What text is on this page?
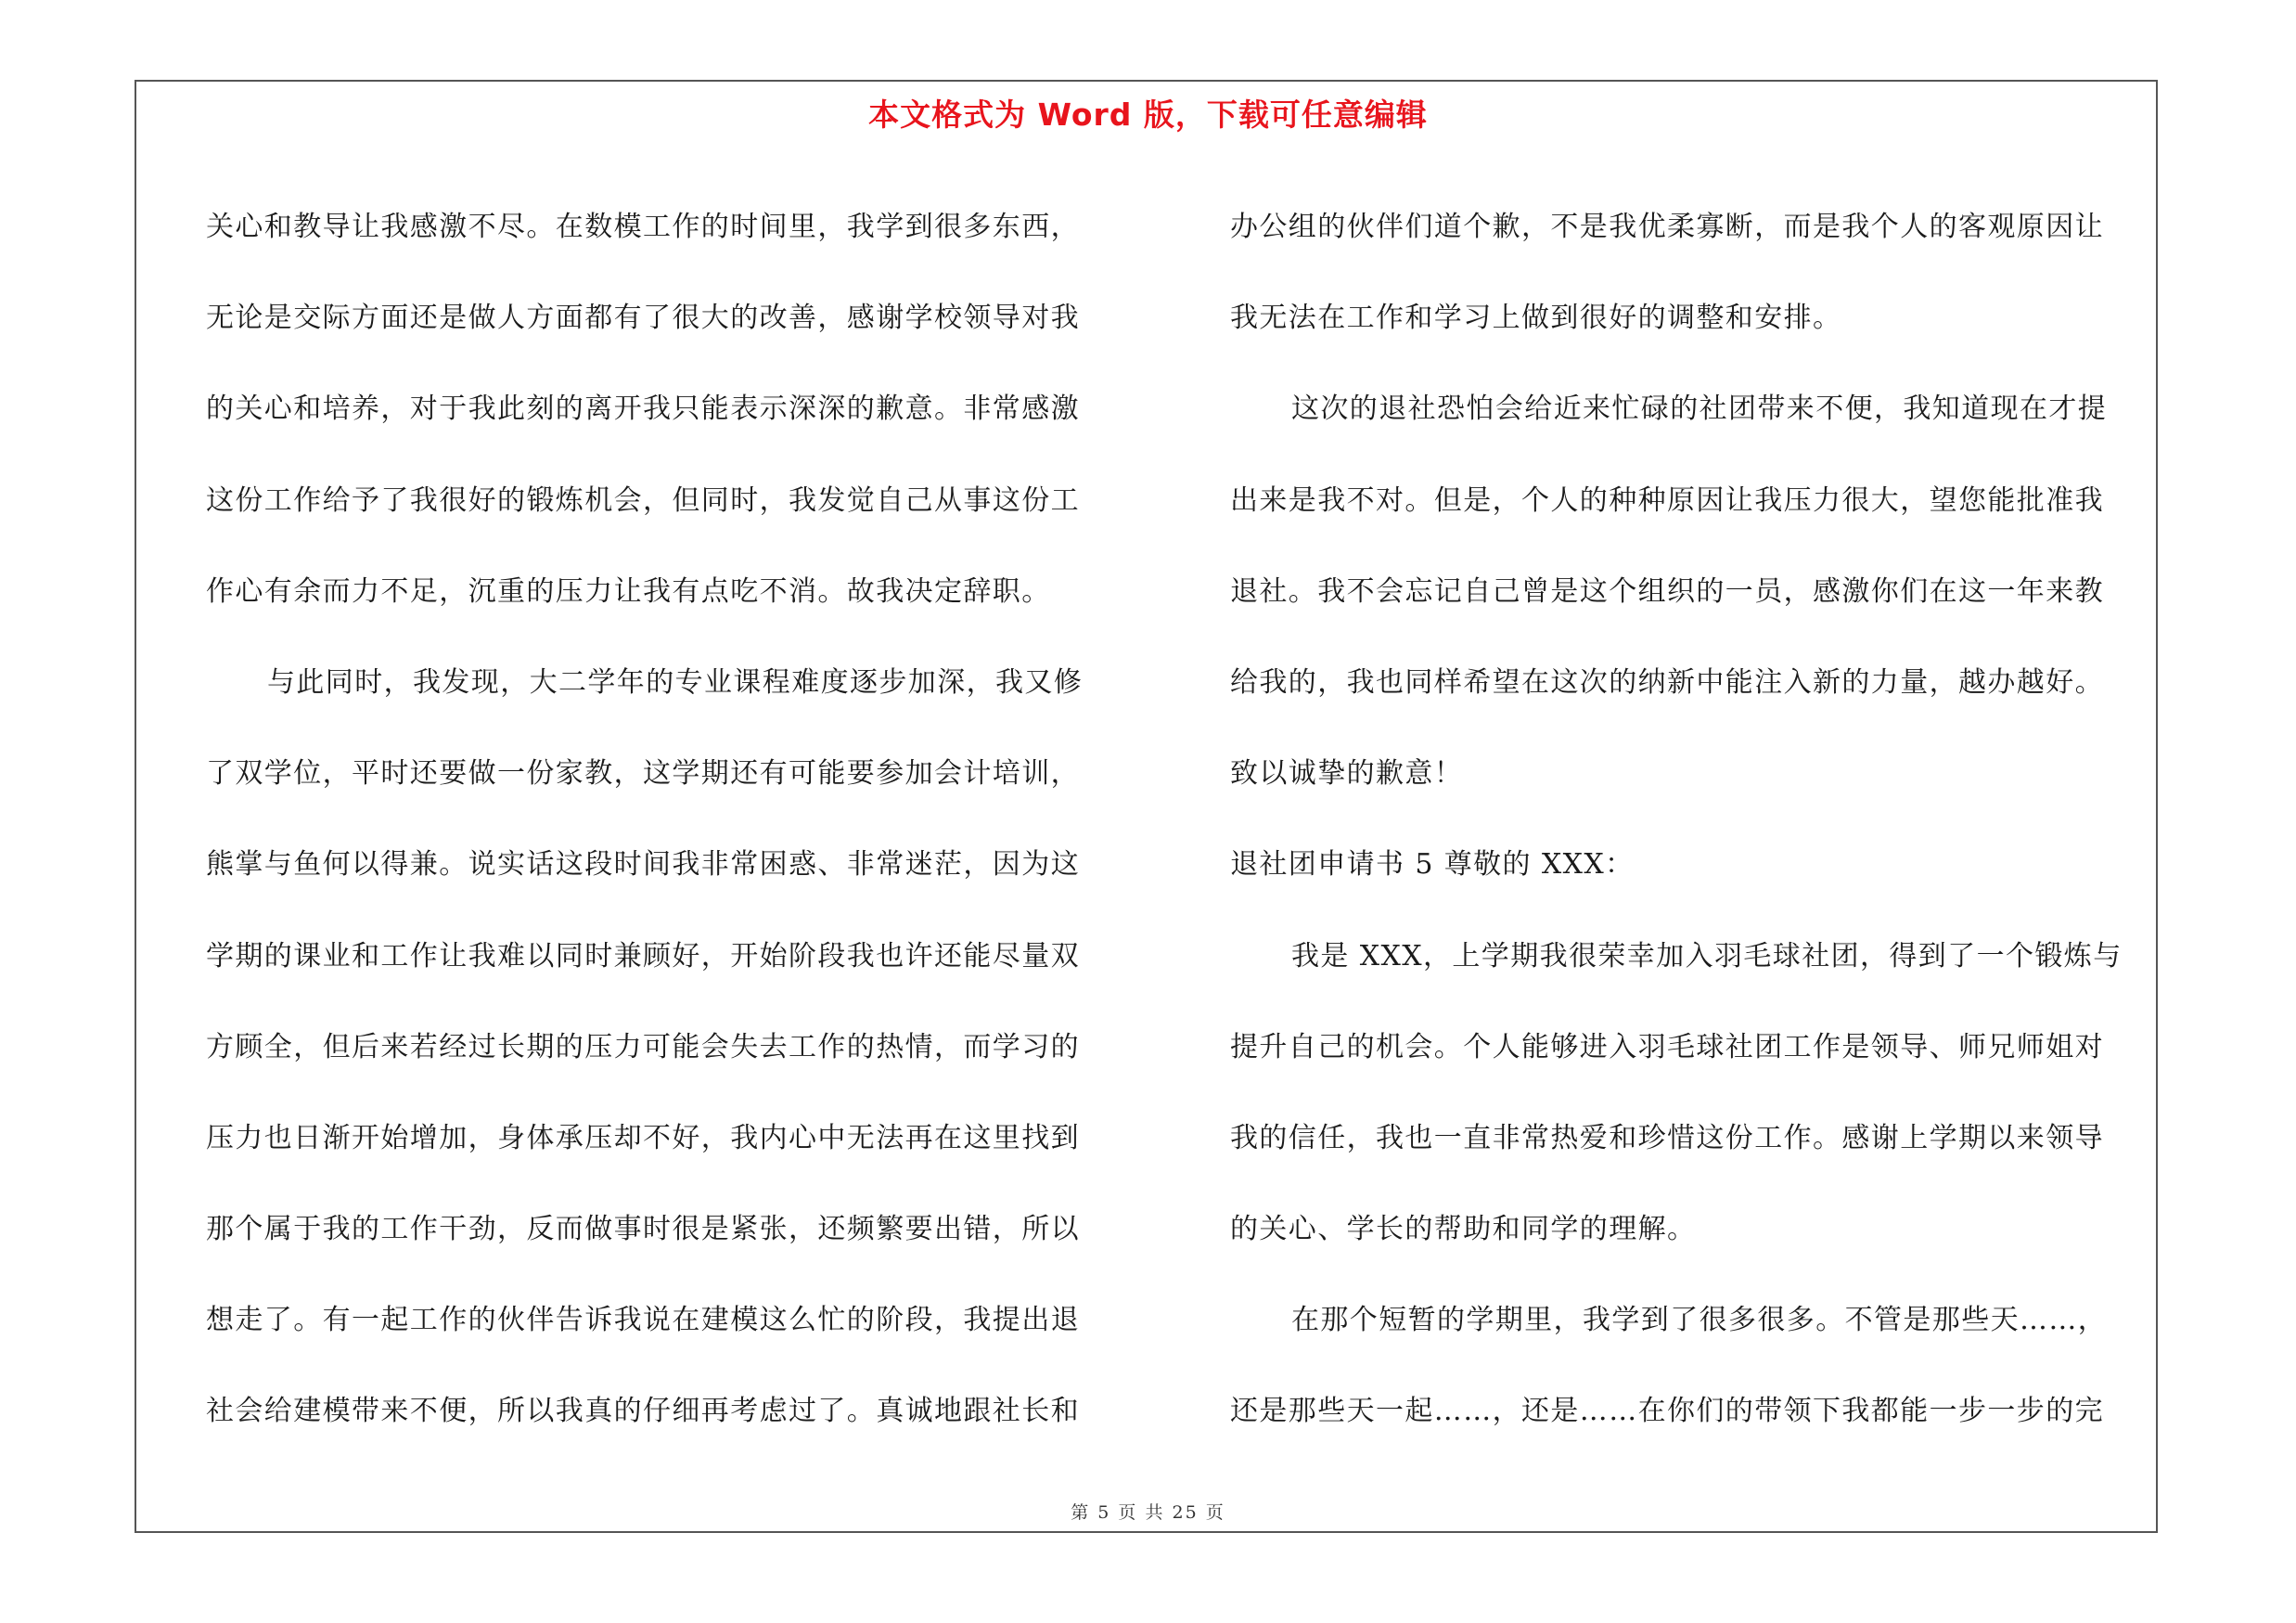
本文格式为 Word 版，下载可任意编辑
关心和教导让我感激不尽。在数模工作的时间里，我学到很多东西，
无论是交际方面还是做人方面都有了很大的改善，感谢学校领导对我
的关心和培养，对于我此刻的离开我只能表示深深的歉意。非常感激
这份工作给予了我很好的锻炼机会，但同时，我发觉自己从事这份工
作心有余而力不足，沉重的压力让我有点吃不消。故我决定辞职。
与此同时，我发现，大二学年的专业课程难度逐步加深，我又修
了双学位，平时还要做一份家教，这学期还有可能要参加会计培训，
熊掌与鱼何以得兼。说实话这段时间我非常困惑、非常迷茫，因为这
学期的课业和工作让我难以同时兼顾好，开始阶段我也许还能尽量双
方顾全，但后来若经过长期的压力可能会失去工作的热情，而学习的
压力也日渐开始增加，身体承压却不好，我内心中无法再在这里找到
那个属于我的工作干劲，反而做事时很是紧张，还频繁要出错，所以
想走了。有一起工作的伙伴告诉我说在建模这么忙的阶段，我提出退
社会给建模带来不便，所以我真的仔细再考虑过了。真诚地跟社长和
办公组的伙伴们道个歉，不是我优柔寡断，而是我个人的客观原因让
我无法在工作和学习上做到很好的调整和安排。
这次的退社恐怕会给近来忙碌的社团带来不便，我知道现在才提
出来是我不对。但是，个人的种种原因让我压力很大，望您能批准我
退社。我不会忘记自己曾是这个组织的一员，感激你们在这一年来教
给我的，我也同样希望在这次的纳新中能注入新的力量，越办越好。
致以诚挚的歉意！
退社团申请书 5 尊敬的 XXX：
我是 XXX，上学期我很荣幸加入羽毛球社团，得到了一个锻炼与
提升自己的机会。个人能够进入羽毛球社团工作是领导、师兄师姐对
我的信任，我也一直非常热爱和珍惜这份工作。感谢上学期以来领导
的关心、学长的帮助和同学的理解。
在那个短暂的学期里，我学到了很多很多。不管是那些天……，
还是那些天一起……，还是……在你们的带领下我都能一步一步的完
第 5 页 共 25 页
